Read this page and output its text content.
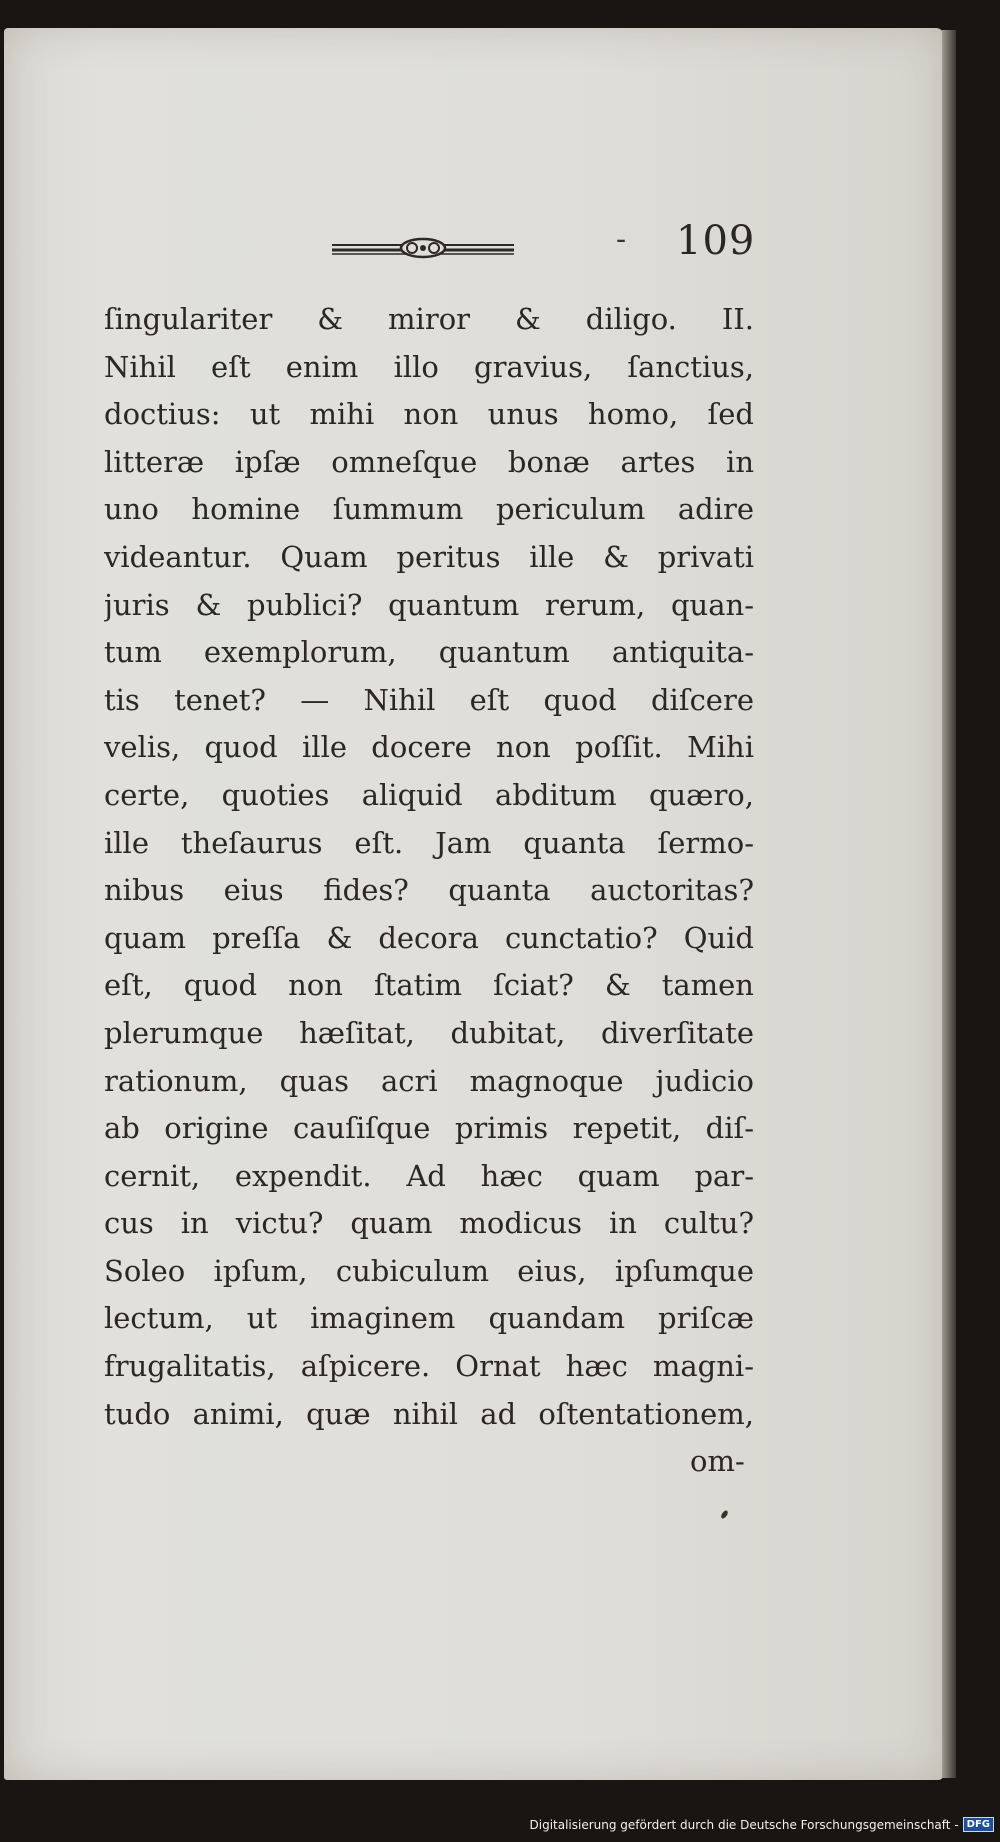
- 109
ſingulariter & miror & diligo. II.
Nihil eſt enim illo gravius, ſanctius,
doctius: ut mihi non unus homo, ſed
litteræ ipſæ omneſque bonæ artes in
uno homine ſummum periculum adire
videantur. Quam peritus ille & privati
juris & publici? quantum rerum, quan-
tum exemplorum, quantum antiquita-
tis tenet? — Nihil eſt quod diſcere
velis, quod ille docere non poſſit. Mihi
certe, quoties aliquid abditum quæro,
ille theſaurus eſt. Jam quanta ſermo-
nibus eius fides? quanta auctoritas?
quam preſſa & decora cunctatio? Quid
eſt, quod non ſtatim ſciat? & tamen
plerumque hæſitat, dubitat, diverſitate
rationum, quas acri magnoque judicio
ab origine cauſiſque primis repetit, diſ-
cernit, expendit. Ad hæc quam par-
cus in victu? quam modicus in cultu?
Soleo ipſum, cubiculum eius, ipſumque
lectum, ut imaginem quandam priſcæ
frugalitatis, aſpicere. Ornat hæc magni-
tudo animi, quæ nihil ad oſtentationem,
om-
Digitalisierung gefördert durch die Deutsche Forschungsgemeinschaft - DFG
